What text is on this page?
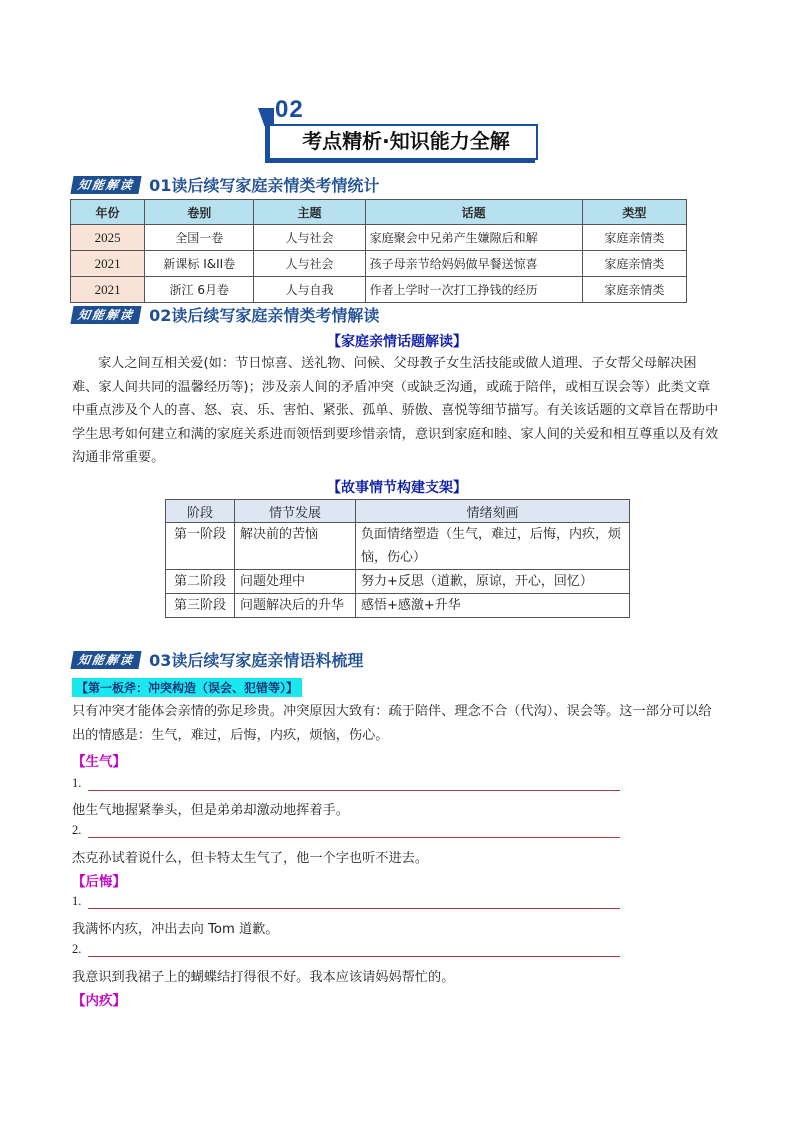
02
考点精析·知识能力全解
知能解读 01读后续写家庭亲情类考情统计
年份	卷别	主题	话题	类型
2025	全国一卷	人与社会	家庭聚会中兄弟产生嫌隙后和解	家庭亲情类
2021	新课标 I&II卷	人与社会	孩子母亲节给妈妈做早餐送惊喜	家庭亲情类
2021	浙江 6月卷	人与自我	作者上学时一次打工挣钱的经历	家庭亲情类
知能解读 02读后续写家庭亲情类考情解读
【家庭亲情话题解读】
家人之间互相关爱(如：节日惊喜、送礼物、问候、父母教子女生活技能或做人道理、子女帮父母解决困难、家人间共同的温馨经历等)；涉及亲人间的矛盾冲突（或缺乏沟通，或疏于陪伴，或相互误会等）此类文章中重点涉及个人的喜、怒、哀、乐、害怕、紧张、孤单、骄傲、喜悦等细节描写。有关该话题的文章旨在帮助中学生思考如何建立和满的家庭关系进而领悟到要珍惜亲情，意识到家庭和睦、家人间的关爱和相互尊重以及有效沟通非常重要。
【故事情节构建支架】
阶段	情节发展	情绪刻画
第一阶段	解决前的苦恼	负面情绪塑造（生气，难过，后悔，内疚，烦恼，伤心）
第二阶段	问题处理中	努力+反思（道歉，原谅，开心，回忆）
第三阶段	问题解决后的升华	感悟+感激+升华
知能解读 03读后续写家庭亲情语料梳理
【第一板斧：冲突构造（误会、犯错等）】
只有冲突才能体会亲情的弥足珍贵。冲突原因大致有：疏于陪伴、理念不合（代沟）、误会等。这一部分可以给出的情感是：生气，难过，后悔，内疚，烦恼，伤心。
【生气】
1.
他生气地握紧拳头，但是弟弟却激动地挥着手。
2.
杰克孙试着说什么，但卡特太生气了，他一个字也听不进去。
【后悔】
1.
我满怀内疚，冲出去向 Tom 道歉。
2.
我意识到我裙子上的蝴蝶结打得很不好。我本应该请妈妈帮忙的。
【内疚】
